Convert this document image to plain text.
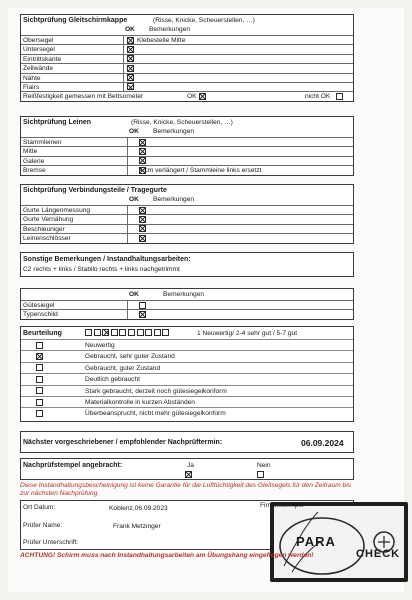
Sichtprüfung Gleitschirmkappe	(Risse, Knicke, Scheuerstellen, …)
OK Bemerkungen
Obersegel	Klebestelle Mitte
Untersegel
Eintrittskante
Zellwände
Nähte
Flairs
Reißfestigkeit gemessen mit Bettsometer	OK	nicht OK
Sichtprüfung Leinen	(Risse, Knicke, Scheuerstellen, …)
OK Bemerkungen
Stammleinen
Mitte
Galerie
Bremse	4 cm verlängert / Stammleine links ersetzt
Sichtprüfung Verbindungsteile / Tragegurte
OK Bemerkungen
Gurte Längenmessung
Gurte Vernähung
Beschleuniger
Leinenschlösser
Sonstige Bemerkungen / Instandhaltungsarbeiten:
C2 rechts + links / Stabilo rechts + links nachgetrimmt
OK	Bemerkungen
Gütesiegel
Typenschild
Beurteilung	1 Neuwertig/ 2-4 sehr gut / 5-7 gut
Neuwertig
Gebraucht, sehr guter Zustand
Gebraucht, guter Zustand
Deutlich gebraucht
Stark gebraucht, derzeit noch gütesiegelkonform
Materialkontrolle in kurzen Abständen
Überbeansprucht, nicht mehr gütesiegelkonform
Nächster vorgeschriebener / empfohlender Nachprüftermin:	06.09.2024
Nachprüfstempel angebracht:	Ja	Nein
Diese Instandhaltungsbescheinigung ist keine Garantie für die Lufttüchtigkeit des Gleitsegels für den Zeitraum bis zur nächsten Nachprüfung.
Ort Datum:	Koblenz,06.09.2023
Prüfer Name:	Frank Metzinger
Prüfer Unterschrift:
Firmenstempel
ACHTUNG! Schirm muss nach Instandhaltungsarbeiten am Übungshang eingeflogen werden!
PARA
CHECK
